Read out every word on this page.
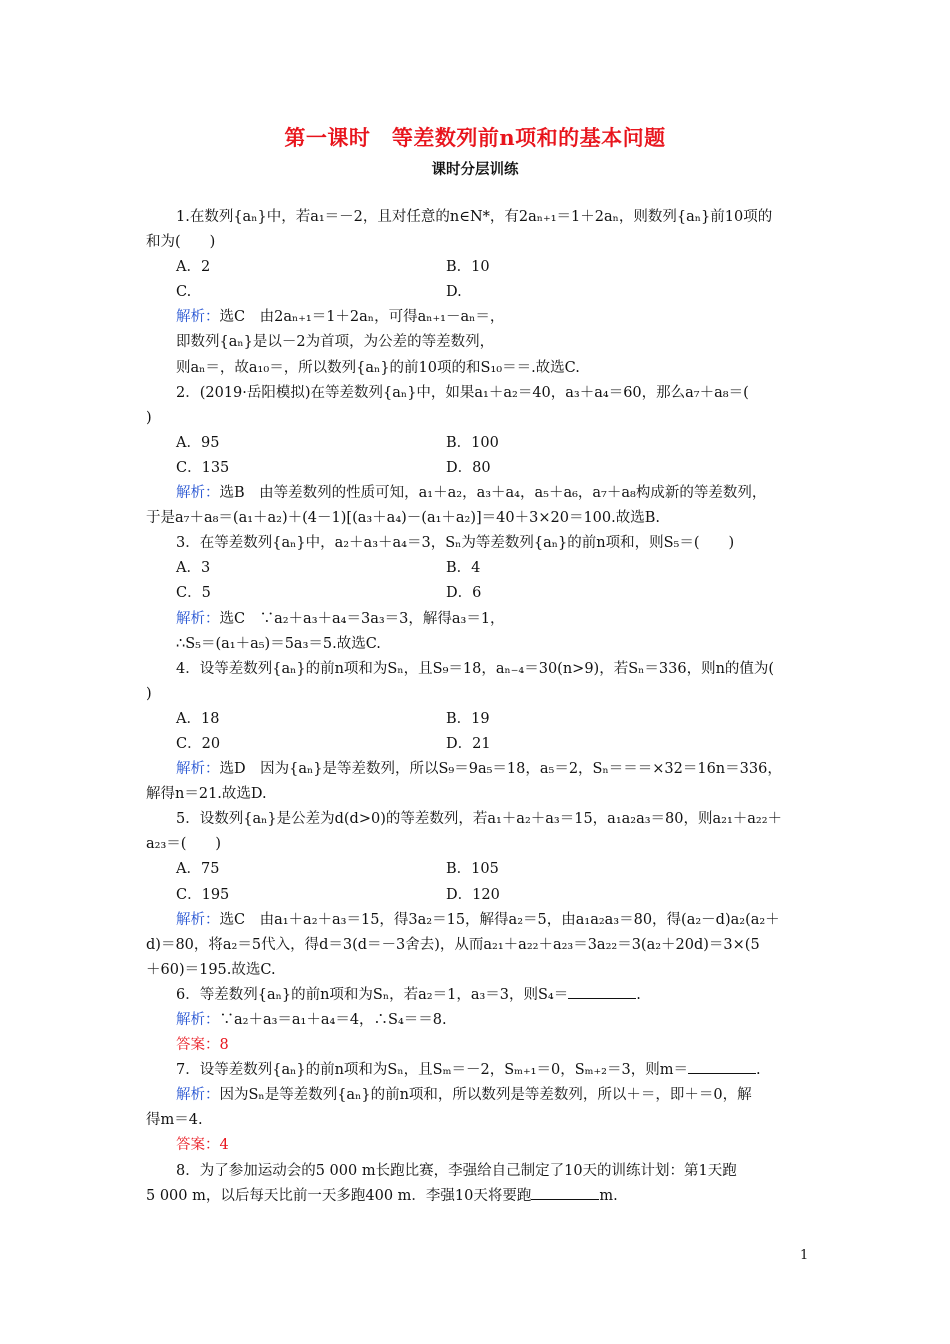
第一课时　等差数列前n项和的基本问题
课时分层训练

1.在数列{aₙ}中，若a₁＝－2，且对任意的n∈N*，有2aₙ₊₁＝1＋2aₙ，则数列{aₙ}前10项的

和为(　　)

A．2	B．10

C.	D.

解析：选C　由2aₙ₊₁＝1＋2aₙ，可得aₙ₊₁－aₙ＝，

即数列{aₙ}是以－2为首项，为公差的等差数列，

则aₙ＝，故a₁₀＝，所以数列{aₙ}的前10项的和S₁₀＝＝.故选C.

2．(2019·岳阳模拟)在等差数列{aₙ}中，如果a₁＋a₂＝40，a₃＋a₄＝60，那么a₇＋a₈＝(

)

A．95	B．100

C．135	D．80

解析：选B　由等差数列的性质可知，a₁＋a₂，a₃＋a₄，a₅＋a₆，a₇＋a₈构成新的等差数列，

于是a₇＋a₈＝(a₁＋a₂)＋(4－1)[(a₃＋a₄)－(a₁＋a₂)]＝40＋3×20＝100.故选B.

3．在等差数列{aₙ}中，a₂＋a₃＋a₄＝3，Sₙ为等差数列{aₙ}的前n项和，则S₅＝(　　)

A．3	B．4

C．5	D．6

解析：选C　∵a₂＋a₃＋a₄＝3a₃＝3，解得a₃＝1，

∴S₅＝(a₁＋a₅)＝5a₃＝5.故选C.

4．设等差数列{aₙ}的前n项和为Sₙ，且S₉＝18，aₙ₋₄＝30(n>9)，若Sₙ＝336，则n的值为(

)

A．18	B．19

C．20	D．21

解析：选D　因为{aₙ}是等差数列，所以S₉＝9a₅＝18，a₅＝2，Sₙ＝＝＝×32＝16n＝336，

解得n＝21.故选D.

5．设数列{aₙ}是公差为d(d>0)的等差数列，若a₁＋a₂＋a₃＝15，a₁a₂a₃＝80，则a₂₁＋a₂₂＋

a₂₃＝(　　)

A．75	B．105

C．195	D．120

解析：选C　由a₁＋a₂＋a₃＝15，得3a₂＝15，解得a₂＝5，由a₁a₂a₃＝80，得(a₂－d)a₂(a₂＋

d)＝80，将a₂＝5代入，得d＝3(d＝－3舍去)，从而a₂₁＋a₂₂＋a₂₃＝3a₂₂＝3(a₂＋20d)＝3×(5

＋60)＝195.故选C.

6．等差数列{aₙ}的前n项和为Sₙ，若a₂＝1，a₃＝3，则S₄＝	.

解析：∵a₂＋a₃＝a₁＋a₄＝4，∴S₄＝＝8.

答案：8

7．设等差数列{aₙ}的前n项和为Sₙ，且Sₘ＝－2，Sₘ₊₁＝0，Sₘ₊₂＝3，则m＝	.

解析：因为Sₙ是等差数列{aₙ}的前n项和，所以数列是等差数列，所以＋＝，即＋＝0，解

得m＝4.

答案：4

8．为了参加运动会的5 000 m长跑比赛，李强给自己制定了10天的训练计划：第1天跑

5 000 m，以后每天比前一天多跑400 m．李强10天将要跑	m.

1
